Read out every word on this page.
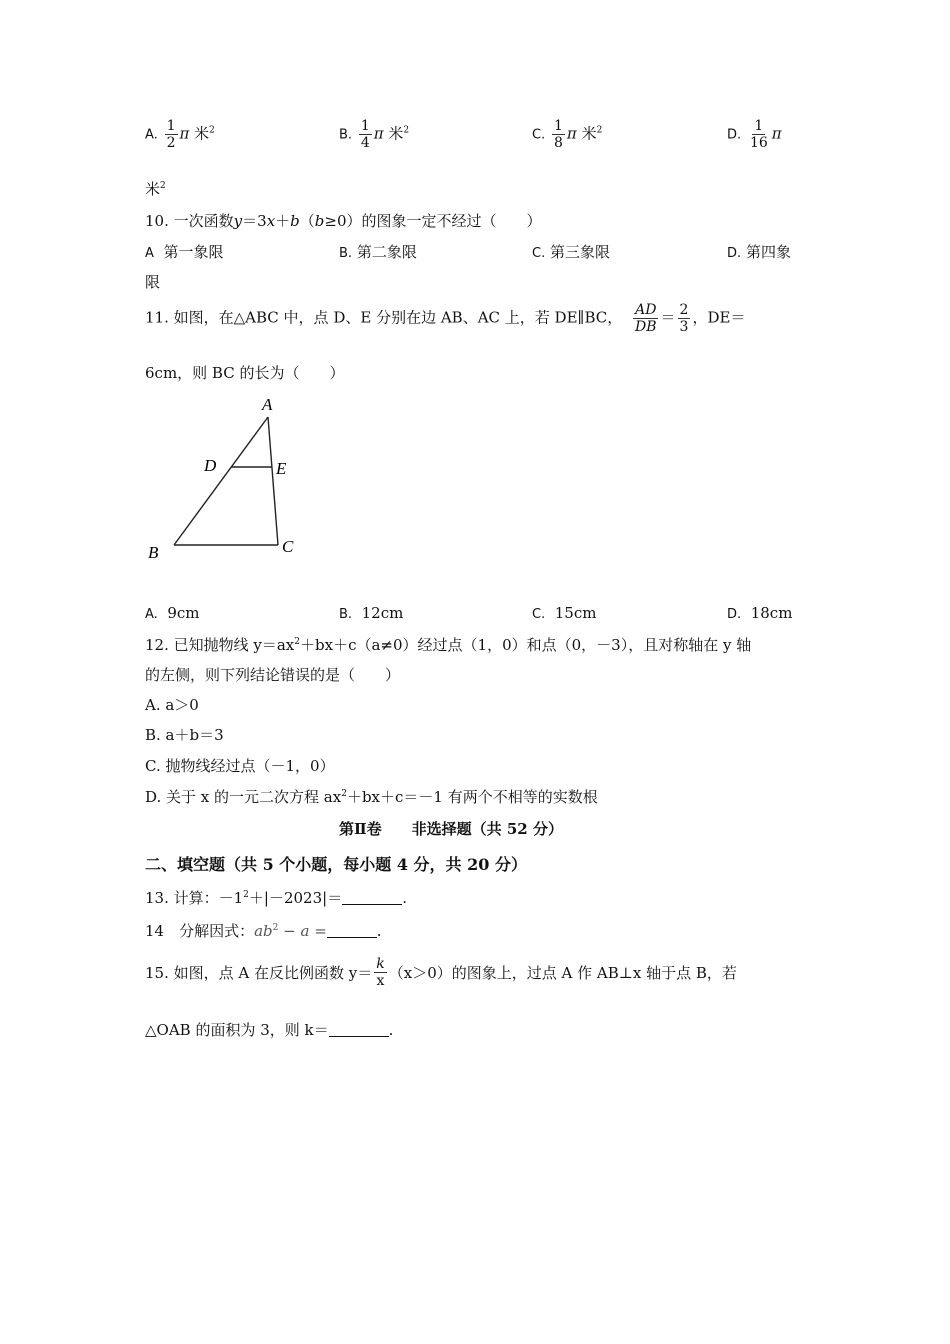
A. $\frac{1}{2}$ π 米$^2$	B. $\frac{1}{4}$ π 米$^2$	C. $\frac{1}{8}$ π 米$^2$	D. $\frac{1}{16}$ π
米$^2$
10. 一次函数y＝3x＋b（b≥0）的图象一定不经过（　　）
A 第一象限	B. 第二象限	C. 第三象限	D. 第四象
限
11. 如图，在△ABC 中，点 D、E 分别在边 AB、AC 上，若 DE∥BC， $\frac{AD}{DB} = \frac{2}{3}$ ，DE＝
6cm，则 BC 的长为（　　）
A
D	E
B	C
A. 9cm	B. 12cm	C. 15cm	D. 18cm
12. 已知抛物线 $y=ax^2+bx+c(a\ne 0)$经过点（1，0）和点（0，－3），且对称轴在 y 轴
的左侧，则下列结论错误的是（　　）
A. a＞0
B. a＋b＝3
C. 抛物线经过点（－1，0）
D. 关于 x 的一元二次方程 $ax^2+bx+c=-1$ 有两个不相等的实数根
第Ⅱ卷　　非选择题（共 52 分）
二、填空题（共 5 个小题，每小题 4 分，共 20 分）
13. 计算：$-1^2+|-2023|=$	.
14　分解因式：$ab^2 - a$ =	.
15. 如图，点 A 在反比例函数 $y= \frac{k}{x} (x>0)$的图象上，过点 A 作 AB⊥x 轴于点 B，若
△OAB 的面积为 3，则 k＝	.
